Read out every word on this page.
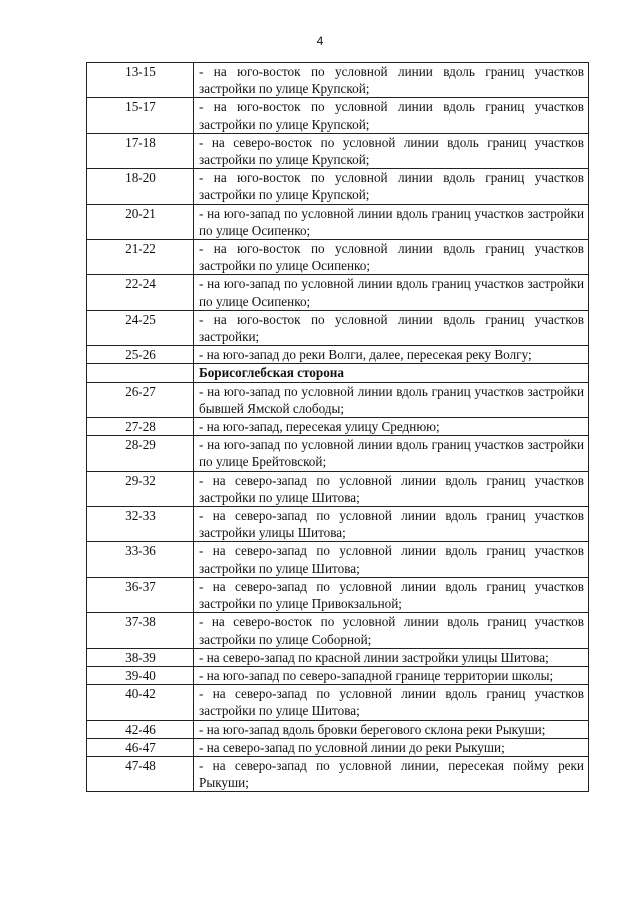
4
13-15	- на юго-восток по условной линии вдоль границ участков застройки по улице Крупской;
15-17	- на юго-восток по условной линии вдоль границ участков застройки по улице Крупской;
17-18	- на северо-восток по условной линии вдоль границ участков застройки по улице Крупской;
18-20	- на юго-восток по условной линии вдоль границ участков застройки по улице Крупской;
20-21	- на юго-запад по условной линии вдоль границ участков застройки по улице Осипенко;
21-22	- на юго-восток по условной линии вдоль границ участков застройки по улице Осипенко;
22-24	- на юго-запад по условной линии вдоль границ участков застройки по улице Осипенко;
24-25	- на юго-восток по условной линии вдоль границ участков застройки;
25-26	- на юго-запад до реки Волги, далее, пересекая реку Волгу;
	Борисоглебская сторона
26-27	- на юго-запад по условной линии вдоль границ участков застройки бывшей Ямской слободы;
27-28	- на юго-запад, пересекая улицу Среднюю;
28-29	- на юго-запад по условной линии вдоль границ участков застройки по улице Брейтовской;
29-32	- на северо-запад по условной линии вдоль границ участков застройки по улице Шитова;
32-33	- на северо-запад по условной линии вдоль границ участков застройки улицы Шитова;
33-36	- на северо-запад по условной линии вдоль границ участков застройки по улице Шитова;
36-37	- на северо-запад по условной линии вдоль границ участков застройки по улице Привокзальной;
37-38	- на северо-восток по условной линии вдоль границ участков застройки по улице Соборной;
38-39	- на северо-запад по красной линии застройки улицы Шитова;
39-40	- на юго-запад по северо-западной границе территории школы;
40-42	- на северо-запад по условной линии вдоль границ участков застройки по улице Шитова;
42-46	- на юго-запад вдоль бровки берегового склона реки Рыкуши;
46-47	- на северо-запад по условной линии до реки Рыкуши;
47-48	- на северо-запад по условной линии, пересекая пойму реки Рыкуши;
